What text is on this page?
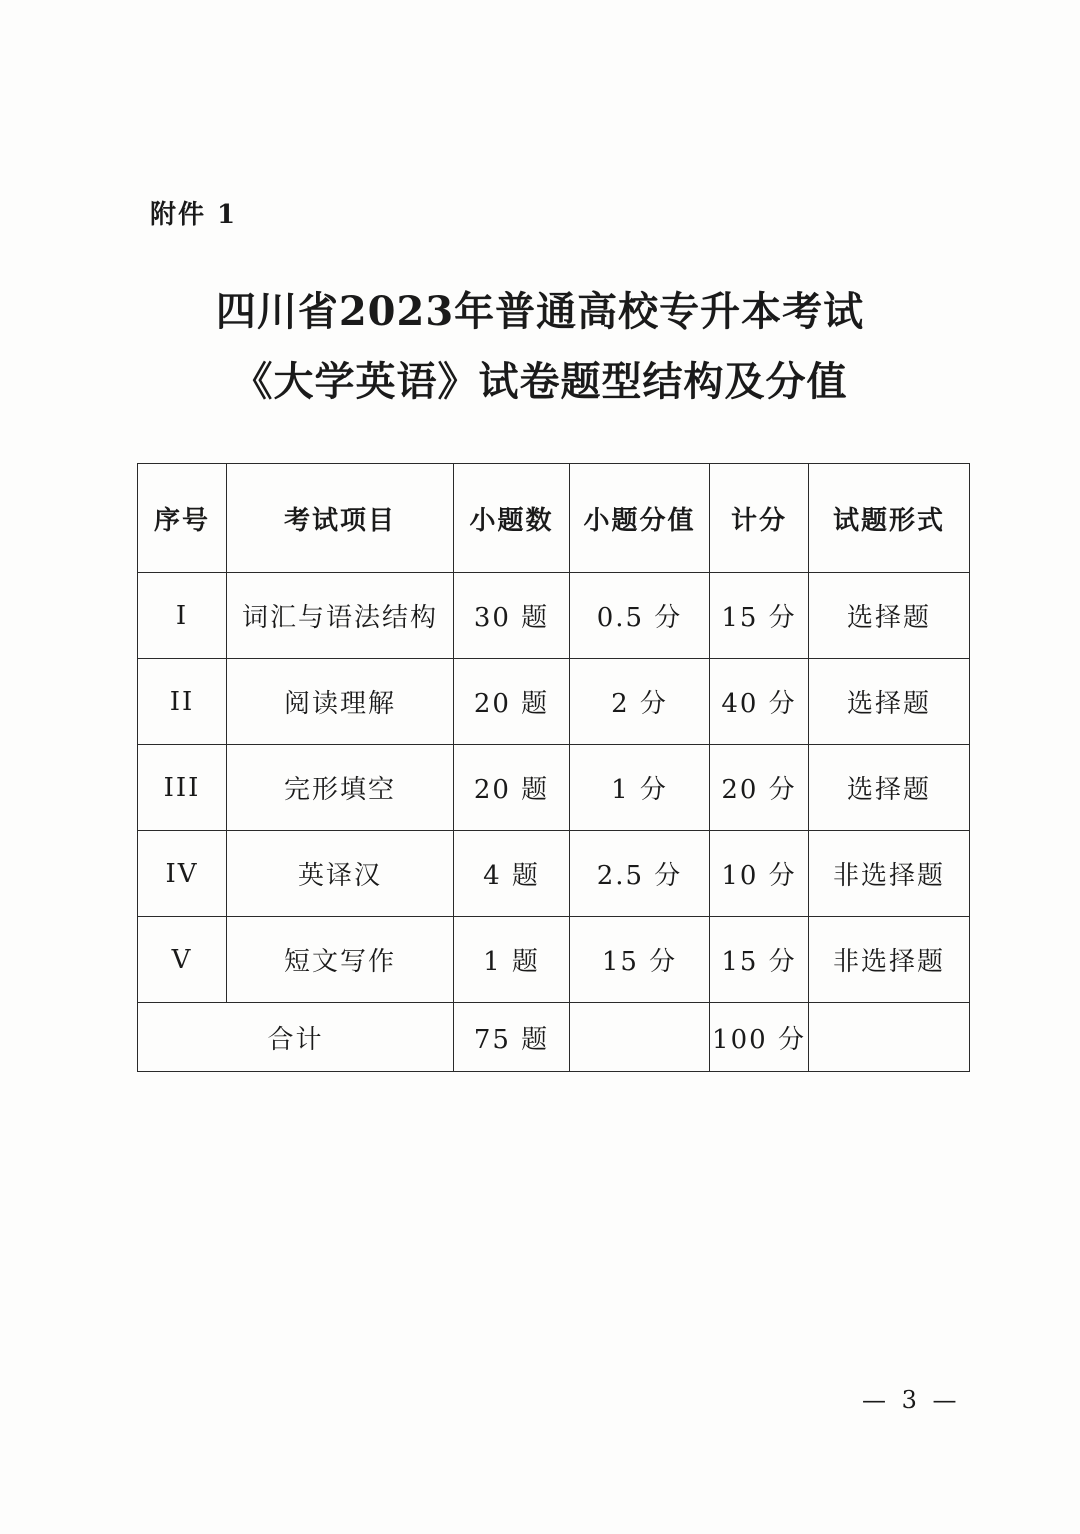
附件 1
四川省2023年普通高校专升本考试
《大学英语》试卷题型结构及分值
序号	考试项目	小题数	小题分值	计分	试题形式
I	词汇与语法结构	30 题	0.5 分	15 分	选择题
II	阅读理解	20 题	2 分	40 分	选择题
III	完形填空	20 题	1 分	20 分	选择题
IV	英译汉	4 题	2.5 分	10 分	非选择题
V	短文写作	1 题	15 分	15 分	非选择题
合计		75 题		100 分	
— 3 —
